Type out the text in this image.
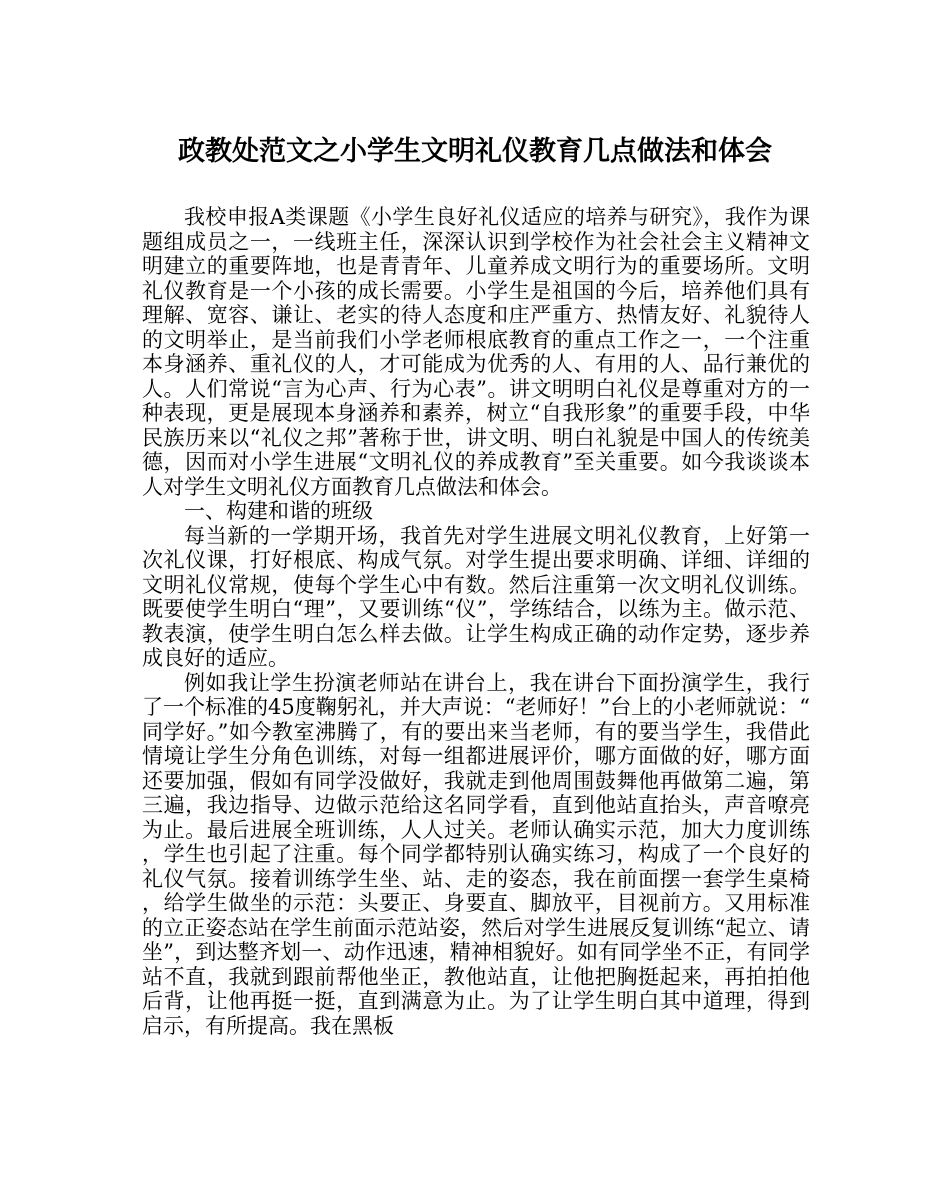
政教处范文之小学生文明礼仪教育几点做法和体会

我校申报A类课题《小学生良好礼仪适应的培养与研究》，我作为课题组成员之一，一线班主任，深深认识到学校作为社会社会主义精神文明建立的重要阵地，也是青青年、儿童养成文明行为的重要场所。文明礼仪教育是一个小孩的成长需要。小学生是祖国的今后，培养他们具有理解、宽容、谦让、老实的待人态度和庄严重方、热情友好、礼貌待人的文明举止，是当前我们小学老师根底教育的重点工作之一，一个注重本身涵养、重礼仪的人，才可能成为优秀的人、有用的人、品行兼优的人。人们常说“言为心声、行为心表”。讲文明明白礼仪是尊重对方的一种表现，更是展现本身涵养和素养，树立“自我形象”的重要手段，中华民族历来以“礼仪之邦”著称于世，讲文明、明白礼貌是中国人的传统美德，因而对小学生进展“文明礼仪的养成教育”至关重要。如今我谈谈本人对学生文明礼仪方面教育几点做法和体会。

一、构建和谐的班级

每当新的一学期开场，我首先对学生进展文明礼仪教育，上好第一次礼仪课，打好根底、构成气氛。对学生提出要求明确、详细、详细的文明礼仪常规，使每个学生心中有数。然后注重第一次文明礼仪训练。既要使学生明白“理”，又要训练“仪”，学练结合，以练为主。做示范、教表演，使学生明白怎么样去做。让学生构成正确的动作定势，逐步养成良好的适应。

例如我让学生扮演老师站在讲台上，我在讲台下面扮演学生，我行了一个标准的45度鞠躬礼，并大声说：“老师好！”台上的小老师就说：“同学好。”如今教室沸腾了，有的要出来当老师，有的要当学生，我借此情境让学生分角色训练，对每一组都进展评价，哪方面做的好，哪方面还要加强，假如有同学没做好，我就走到他周围鼓舞他再做第二遍，第三遍，我边指导、边做示范给这名同学看，直到他站直抬头，声音嘹亮为止。最后进展全班训练，人人过关。老师认确实示范，加大力度训练，学生也引起了注重。每个同学都特别认确实练习，构成了一个良好的礼仪气氛。接着训练学生坐、站、走的姿态，我在前面摆一套学生桌椅，给学生做坐的示范：头要正、身要直、脚放平，目视前方。又用标准的立正姿态站在学生前面示范站姿，然后对学生进展反复训练“起立、请坐”，到达整齐划一、动作迅速，精神相貌好。如有同学坐不正，有同学站不直，我就到跟前帮他坐正，教他站直，让他把胸挺起来，再拍拍他后背，让他再挺一挺，直到满意为止。为了让学生明白其中道理，得到启示，有所提高。我在黑板
